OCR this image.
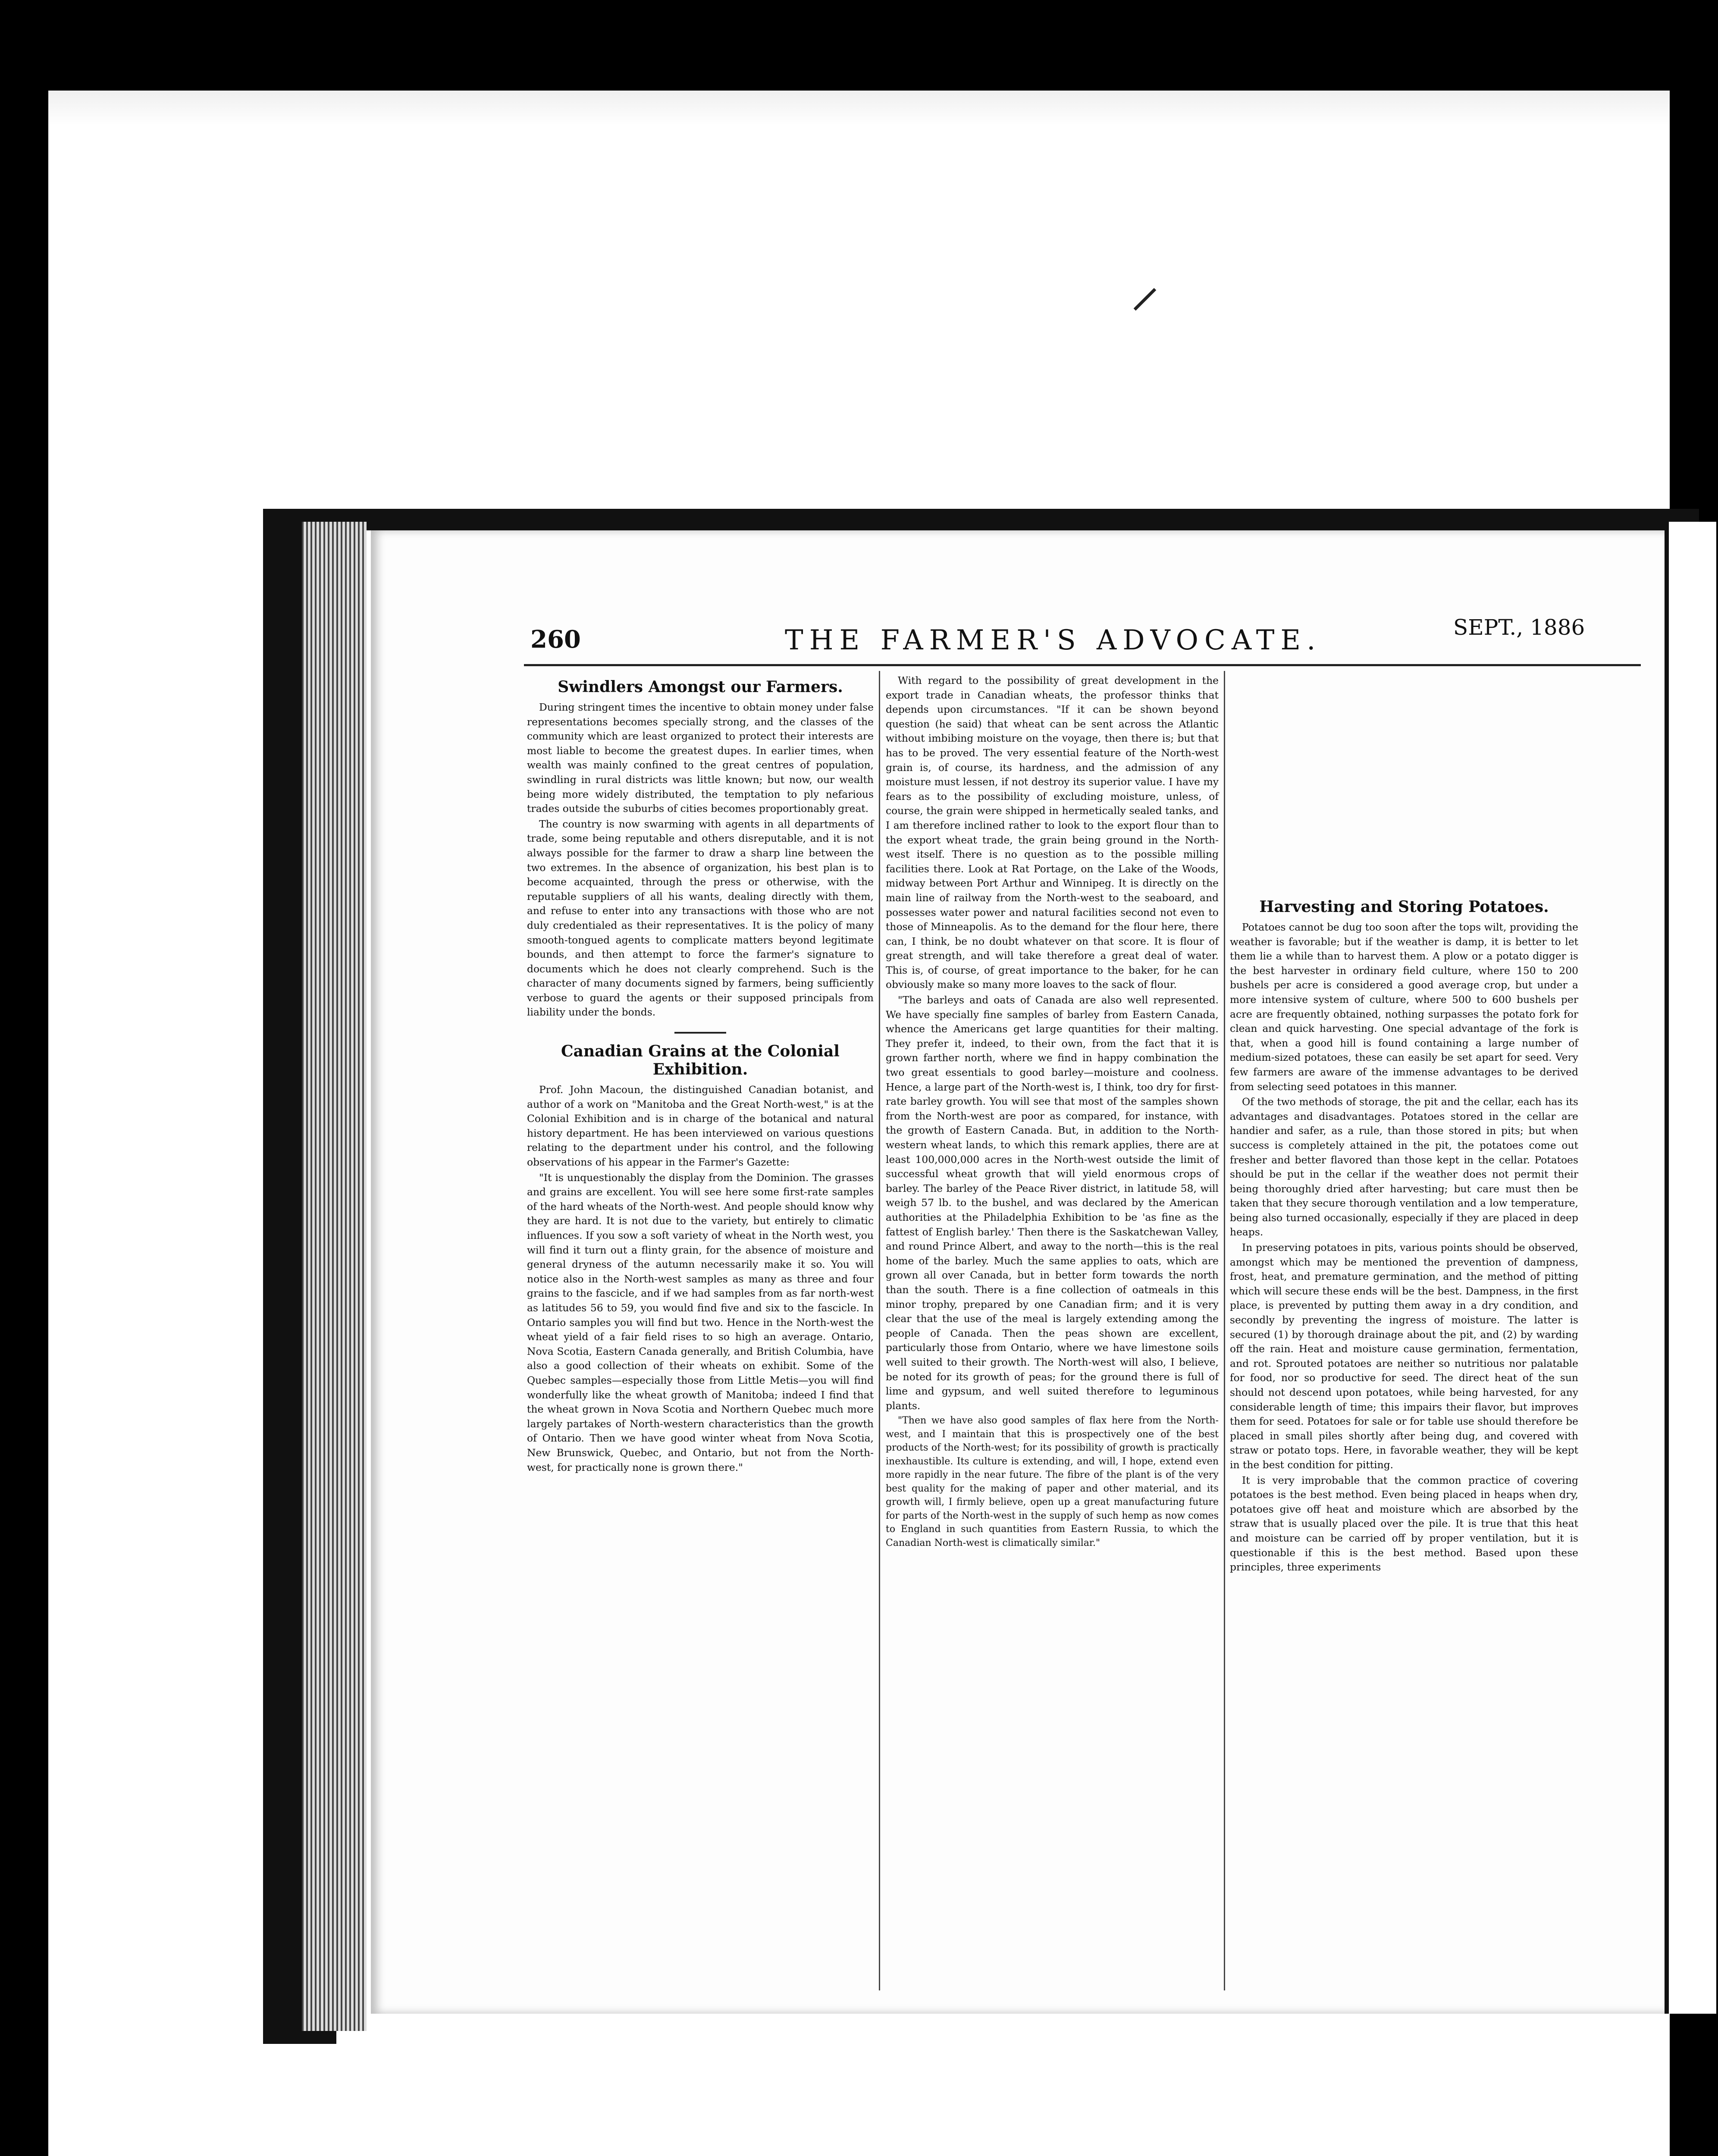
⸝
260	THE FARMER'S ADVOCATE.	SEPT., 1886
Swindlers Amongst our Farmers.

During stringent times the incentive to obtain money under false representations becomes specially strong, and the classes of the community which are least organized to protect their interests are most liable to become the greatest dupes. In earlier times, when wealth was mainly confined to the great centres of population, swindling in rural districts was little known; but now, our wealth being more widely distributed, the temptation to ply nefarious trades outside the suburbs of cities becomes proportionably great.

The country is now swarming with agents in all departments of trade, some being reputable and others disreputable, and it is not always possible for the farmer to draw a sharp line between the two extremes. In the absence of organization, his best plan is to become acquainted, through the press or otherwise, with the reputable suppliers of all his wants, dealing directly with them, and refuse to enter into any transactions with those who are not duly credentialed as their representatives. It is the policy of many smooth-tongued agents to complicate matters beyond legitimate bounds, and then attempt to force the farmer's signature to documents which he does not clearly comprehend. Such is the character of many documents signed by farmers, being sufficiently verbose to guard the agents or their supposed principals from liability under the bonds.

Canadian Grains at the Colonial Exhibition.

Prof. John Macoun, the distinguished Canadian botanist, and author of a work on "Manitoba and the Great North-west," is at the Colonial Exhibition and is in charge of the botanical and natural history department. He has been interviewed on various questions relating to the department under his control, and the following observations of his appear in the Farmer's Gazette:

"It is unquestionably the display from the Dominion. The grasses and grains are excellent. You will see here some first-rate samples of the hard wheats of the North-west. And people should know why they are hard. It is not due to the variety, but entirely to climatic influences. If you sow a soft variety of wheat in the North west, you will find it turn out a flinty grain, for the absence of moisture and general dryness of the autumn necessarily make it so. You will notice also in the North-west samples as many as three and four grains to the fascicle, and if we had samples from as far north-west as latitudes 56 to 59, you would find five and six to the fascicle. In Ontario samples you will find but two. Hence in the North-west the wheat yield of a fair field rises to so high an average. Ontario, Nova Scotia, Eastern Canada generally, and British Columbia, have also a good collection of their wheats on exhibit. Some of the Quebec samples—especially those from Little Metis—you will find wonderfully like the wheat growth of Manitoba; indeed I find that the wheat grown in Nova Scotia and Northern Quebec much more largely partakes of North-western characteristics than the growth of Ontario. Then we have good winter wheat from Nova Scotia, New Brunswick, Quebec, and Ontario, but not from the North-west, for practically none is grown there."

With regard to the possibility of great development in the export trade in Canadian wheats, the professor thinks that depends upon circumstances. "If it can be shown beyond question (he said) that wheat can be sent across the Atlantic without imbibing moisture on the voyage, then there is; but that has to be proved. The very essential feature of the North-west grain is, of course, its hardness, and the admission of any moisture must lessen, if not destroy its superior value. I have my fears as to the possibility of excluding moisture, unless, of course, the grain were shipped in hermetically sealed tanks, and I am therefore inclined rather to look to the export flour than to the export wheat trade, the grain being ground in the North-west itself. There is no question as to the possible milling facilities there. Look at Rat Portage, on the Lake of the Woods, midway between Port Arthur and Winnipeg. It is directly on the main line of railway from the North-west to the seaboard, and possesses water power and natural facilities second not even to those of Minneapolis. As to the demand for the flour here, there can, I think, be no doubt whatever on that score. It is flour of great strength, and will take therefore a great deal of water. This is, of course, of great importance to the baker, for he can obviously make so many more loaves to the sack of flour.

"The barleys and oats of Canada are also well represented. We have specially fine samples of barley from Eastern Canada, whence the Americans get large quantities for their malting. They prefer it, indeed, to their own, from the fact that it is grown farther north, where we find in happy combination the two great essentials to good barley—moisture and coolness. Hence, a large part of the North-west is, I think, too dry for first-rate barley growth. You will see that most of the samples shown from the North-west are poor as compared, for instance, with the growth of Eastern Canada. But, in addition to the North-western wheat lands, to which this remark applies, there are at least 100,000,000 acres in the North-west outside the limit of successful wheat growth that will yield enormous crops of barley. The barley of the Peace River district, in latitude 58, will weigh 57 lb. to the bushel, and was declared by the American authorities at the Philadelphia Exhibition to be 'as fine as the fattest of English barley.' Then there is the Saskatchewan Valley, and round Prince Albert, and away to the north—this is the real home of the barley. Much the same applies to oats, which are grown all over Canada, but in better form towards the north than the south. There is a fine collection of oatmeals in this minor trophy, prepared by one Canadian firm; and it is very clear that the use of the meal is largely extending among the people of Canada. Then the peas shown are excellent, particularly those from Ontario, where we have limestone soils well suited to their growth. The North-west will also, I believe, be noted for its growth of peas; for the ground there is full of lime and gypsum, and well suited therefore to leguminous plants.

"Then we have also good samples of flax here from the North-west, and I maintain that this is prospectively one of the best products of the North-west; for its possibility of growth is practically inexhaustible. Its culture is extending, and will, I hope, extend even more rapidly in the near future. The fibre of the plant is of the very best quality for the making of paper and other material, and its growth will, I firmly believe, open up a great manufacturing future for parts of the North-west in the supply of such hemp as now comes to England in such quantities from Eastern Russia, to which the Canadian North-west is climatically similar."

Harvesting and Storing Potatoes.

Potatoes cannot be dug too soon after the tops wilt, providing the weather is favorable; but if the weather is damp, it is better to let them lie a while than to harvest them. A plow or a potato digger is the best harvester in ordinary field culture, where 150 to 200 bushels per acre is considered a good average crop, but under a more intensive system of culture, where 500 to 600 bushels per acre are frequently obtained, nothing surpasses the potato fork for clean and quick harvesting. One special advantage of the fork is that, when a good hill is found containing a large number of medium-sized potatoes, these can easily be set apart for seed. Very few farmers are aware of the immense advantages to be derived from selecting seed potatoes in this manner.

Of the two methods of storage, the pit and the cellar, each has its advantages and disadvantages. Potatoes stored in the cellar are handier and safer, as a rule, than those stored in pits; but when success is completely attained in the pit, the potatoes come out fresher and better flavored than those kept in the cellar. Potatoes should be put in the cellar if the weather does not permit their being thoroughly dried after harvesting; but care must then be taken that they secure thorough ventilation and a low temperature, being also turned occasionally, especially if they are placed in deep heaps.

In preserving potatoes in pits, various points should be observed, amongst which may be mentioned the prevention of dampness, frost, heat, and premature germination, and the method of pitting which will secure these ends will be the best. Dampness, in the first place, is prevented by putting them away in a dry condition, and secondly by preventing the ingress of moisture. The latter is secured (1) by thorough drainage about the pit, and (2) by warding off the rain. Heat and moisture cause germination, fermentation, and rot. Sprouted potatoes are neither so nutritious nor palatable for food, nor so productive for seed. The direct heat of the sun should not descend upon potatoes, while being harvested, for any considerable length of time; this impairs their flavor, but improves them for seed. Potatoes for sale or for table use should therefore be placed in small piles shortly after being dug, and covered with straw or potato tops. Here, in favorable weather, they will be kept in the best condition for pitting.

It is very improbable that the common practice of covering potatoes is the best method. Even being placed in heaps when dry, potatoes give off heat and moisture which are absorbed by the straw that is usually placed over the pile. It is true that this heat and moisture can be carried off by proper ventilation, but it is questionable if this is the best method. Based upon these principles, three experiments
